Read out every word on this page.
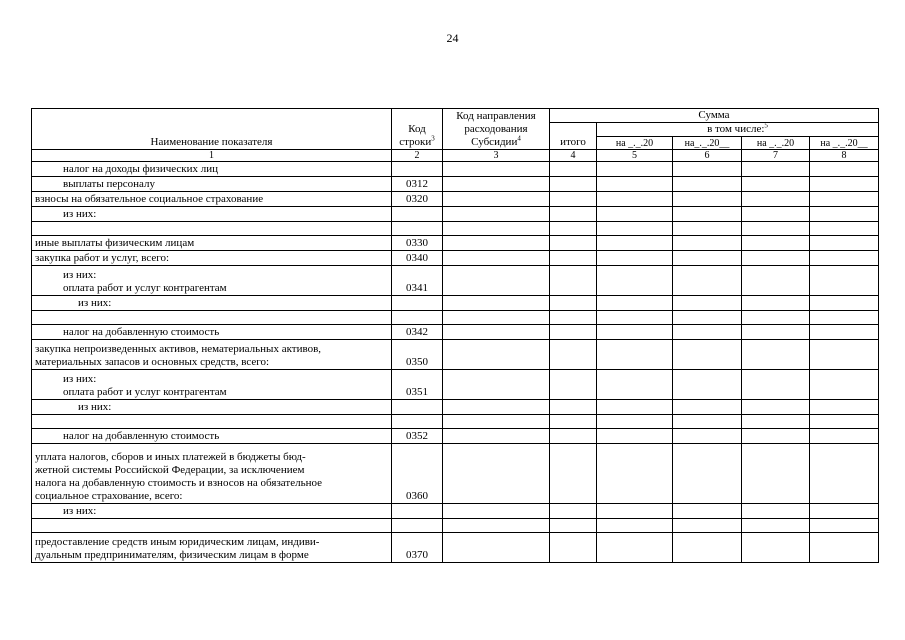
24
Наименование показателя	Код строки$^3$	Код направления расходования Субсидии$^4$	Сумма				
			итого	в том числе:$^5$
				на _._.20	на_._.20__	на _._.20	на _._.20__
1	2	3	4	5	6	7	8
налог на доходы физических лиц							
выплаты персоналу	0312						
взносы на обязательное социальное страхование	0320						
из них:							

иные выплаты физическим лицам	0330						
закупка работ и услуг, всего:	0340						
из них:
оплата работ и услуг контрагентам	0341						
из них:							

налог на добавленную стоимость	0342						
закупка непроизведенных активов, нематериальных активов,
материальных запасов и основных средств, всего:	0350						
из них:
оплата работ и услуг контрагентам	0351						
из них:							

налог на добавленную стоимость	0352						
уплата налогов, сборов и иных платежей в бюджеты бюд-
жетной системы Российской Федерации, за исключением
налога на добавленную стоимость и взносов на обязательное
социальное страхование, всего:	0360						
из них:							

предоставление средств иным юридическим лицам, индиви-
дуальным предпринимателям, физическим лицам в форме	0370						
